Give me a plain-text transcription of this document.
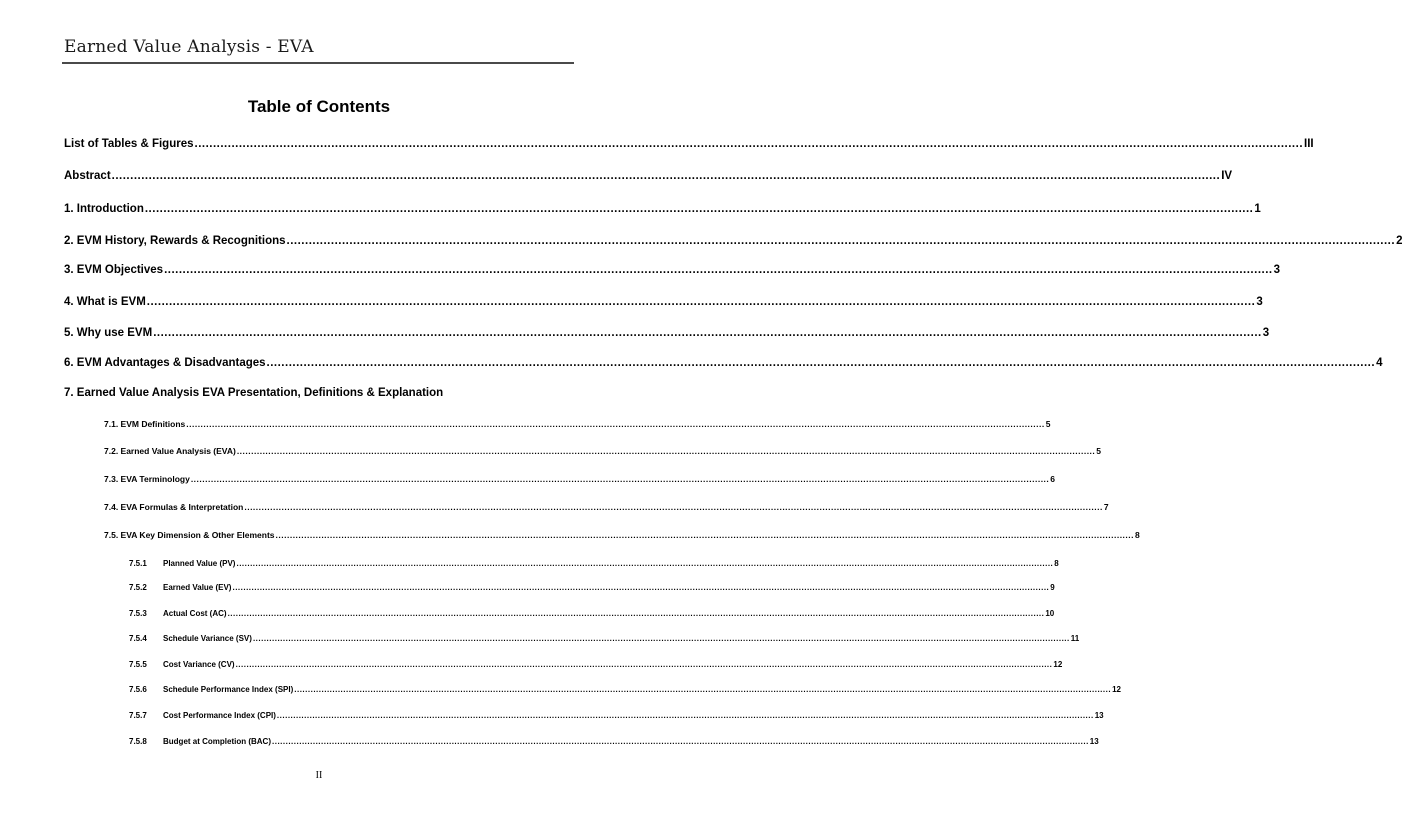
Earned Value Analysis - EVA
Table of Contents
List of Tables & Figures ............................................................................................................................................................................................................................................................................................................ III
Abstract ............................................................................................................................................................................................................................................................................................................ IV
1. Introduction ............................................................................................................................................................................................................................................................................................................ 1
2. EVM History, Rewards & Recognitions ............................................................................................................................................................................................................................................................................................................ 2
3. EVM Objectives ............................................................................................................................................................................................................................................................................................................ 3
4. What is EVM ............................................................................................................................................................................................................................................................................................................ 3
5. Why use EVM ............................................................................................................................................................................................................................................................................................................ 3
6. EVM Advantages & Disadvantages ............................................................................................................................................................................................................................................................................................................ 4
7. Earned Value Analysis EVA Presentation, Definitions & Explanation
7.1. EVM Definitions ............................................................................................................................................................................................................................................................................................................ 5
7.2. Earned Value Analysis (EVA) ............................................................................................................................................................................................................................................................................................................ 5
7.3. EVA Terminology ............................................................................................................................................................................................................................................................................................................ 6
7.4. EVA Formulas & Interpretation ............................................................................................................................................................................................................................................................................................................ 7
7.5. EVA Key Dimension & Other Elements ............................................................................................................................................................................................................................................................................................................ 8
7.5.1 Planned Value (PV) ............................................................................................................................................................................................................................................................................................................ 8
7.5.2 Earned Value (EV) ............................................................................................................................................................................................................................................................................................................ 9
7.5.3 Actual Cost (AC) ............................................................................................................................................................................................................................................................................................................ 10
7.5.4 Schedule Variance (SV) ............................................................................................................................................................................................................................................................................................................ 11
7.5.5 Cost Variance (CV) ............................................................................................................................................................................................................................................................................................................ 12
7.5.6 Schedule Performance Index (SPI) ............................................................................................................................................................................................................................................................................................................ 12
7.5.7 Cost Performance Index (CPI) ............................................................................................................................................................................................................................................................................................................ 13
7.5.8 Budget at Completion (BAC) ............................................................................................................................................................................................................................................................................................................ 13
II
